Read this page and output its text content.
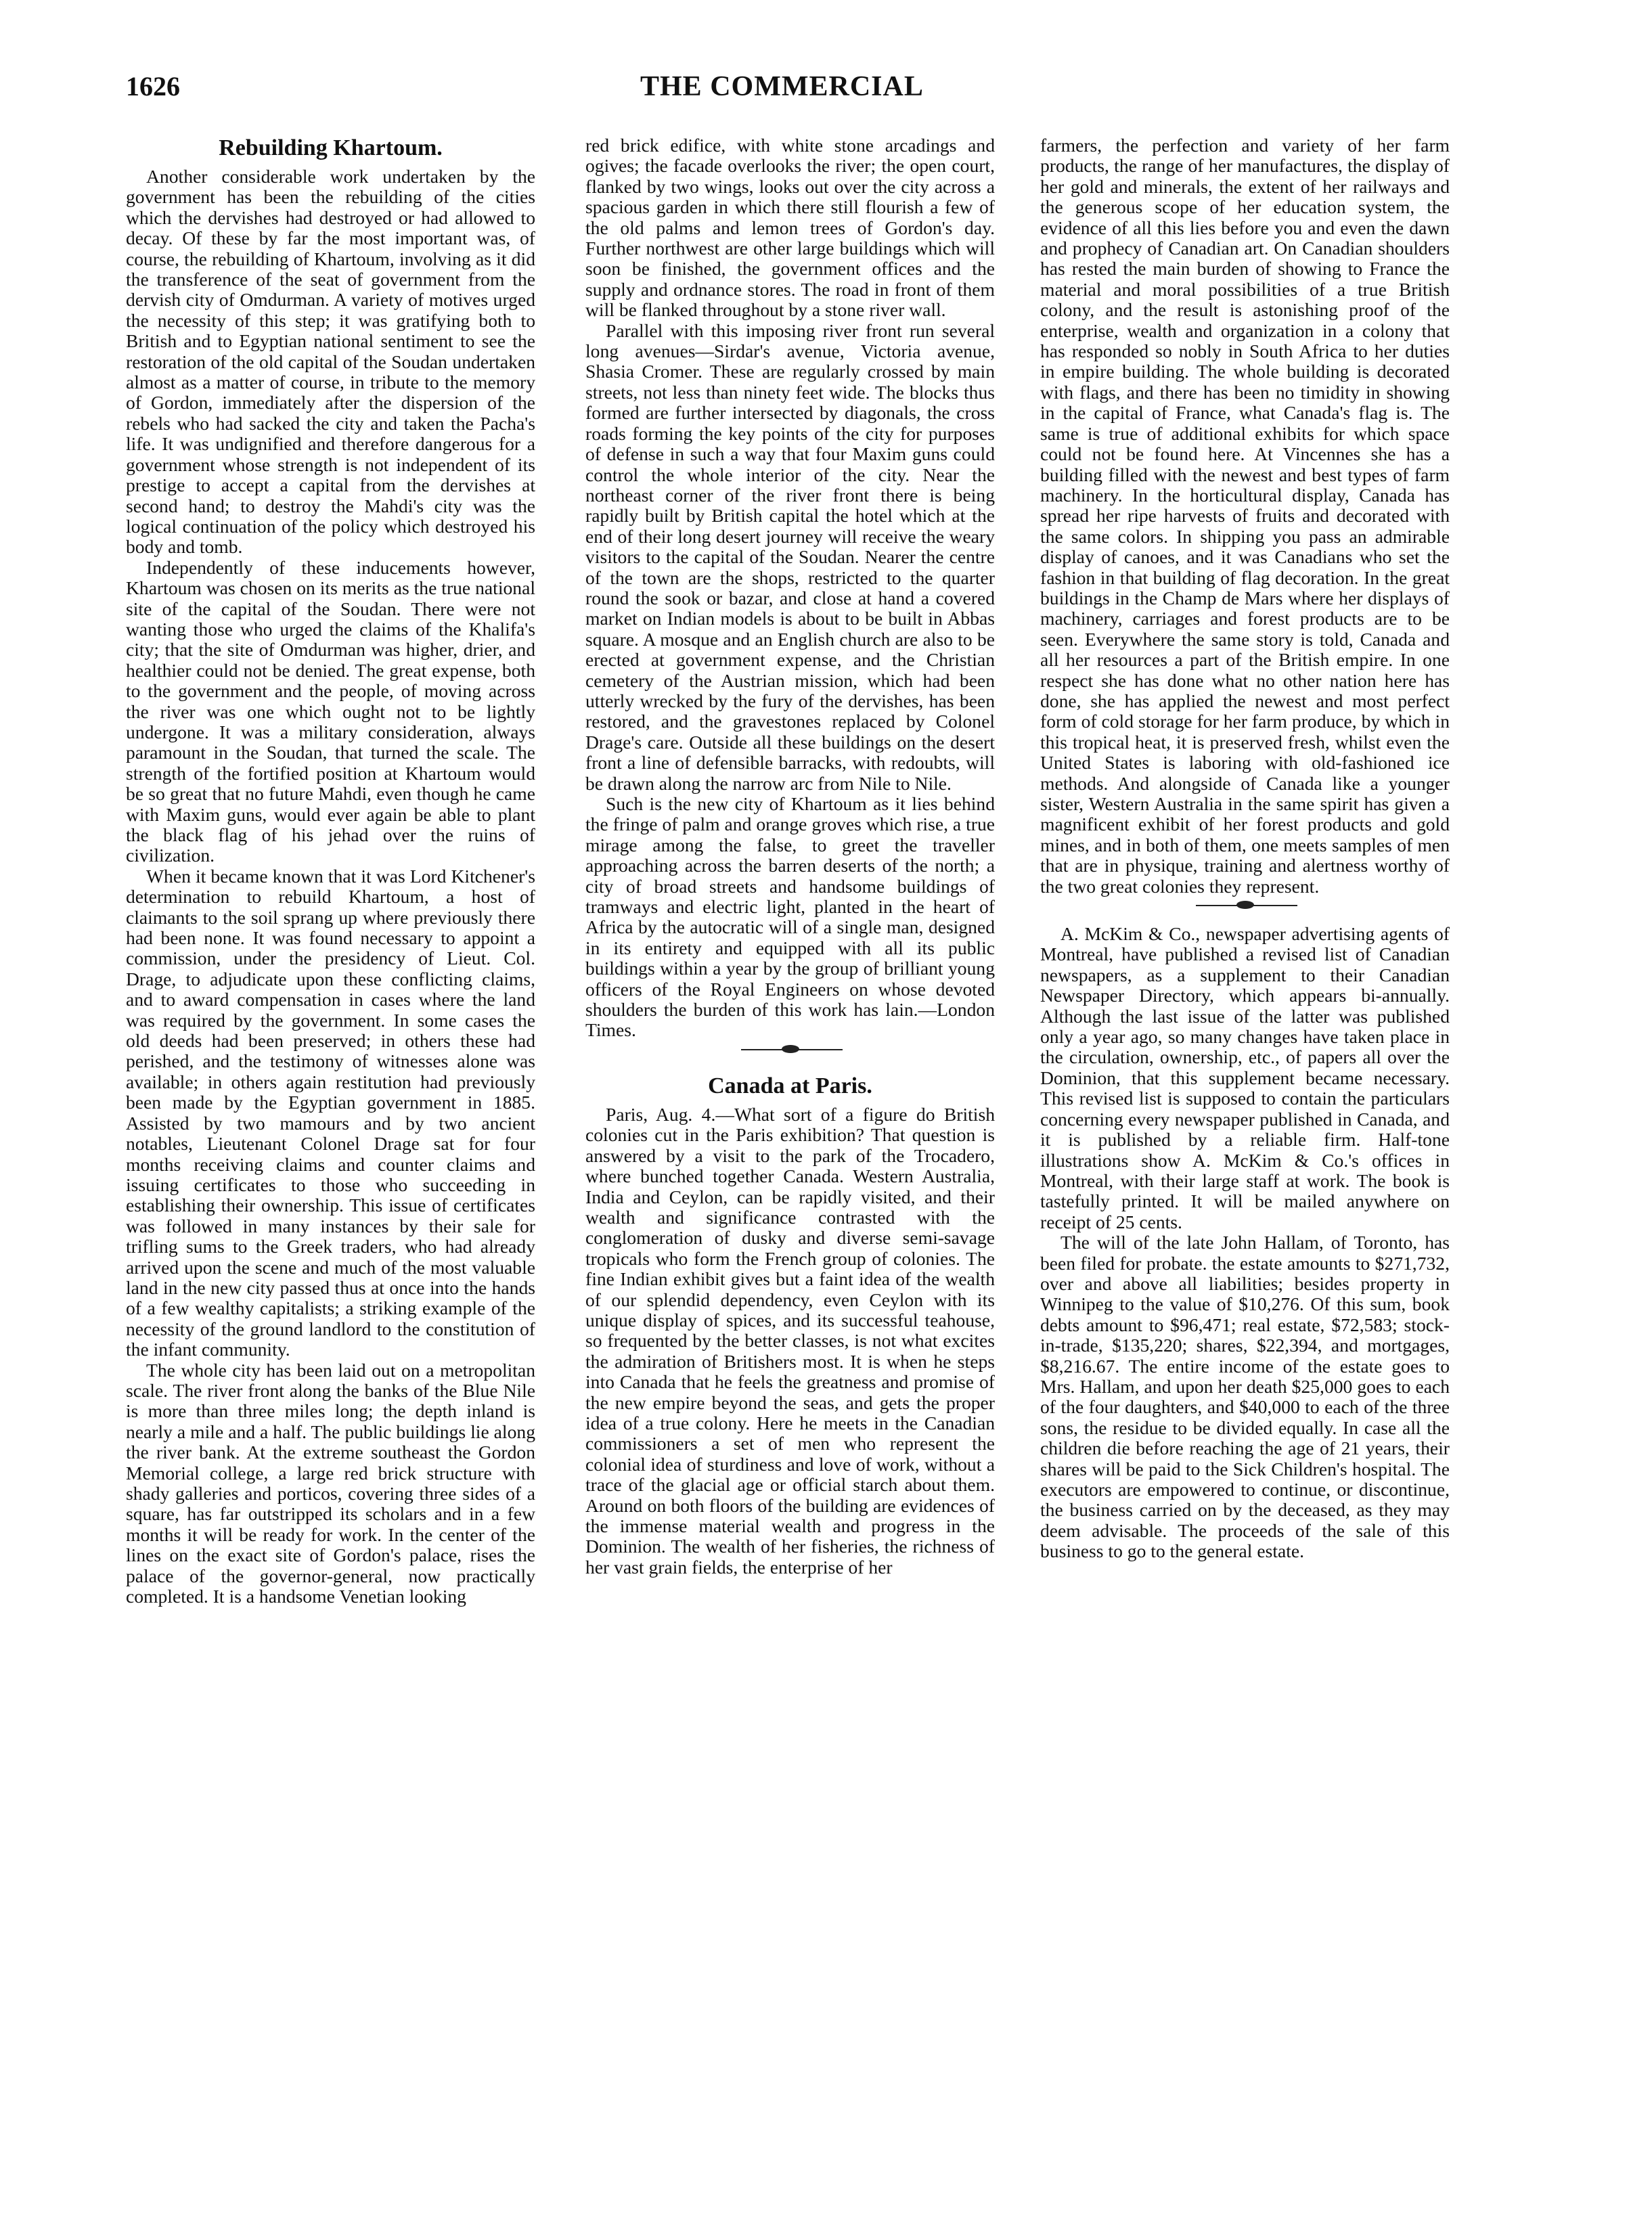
1626	THE COMMERCIAL
Rebuilding Khartoum.

Another considerable work undertaken by the government has been the rebuilding of the cities which the dervishes had destroyed or had allowed to decay. Of these by far the most important was, of course, the rebuilding of Khartoum, involving as it did the transference of the seat of government from the dervish city of Omdurman. A variety of motives urged the necessity of this step; it was gratifying both to British and to Egyptian national sentiment to see the restoration of the old capital of the Soudan undertaken almost as a matter of course, in tribute to the memory of Gordon, immediately after the dispersion of the rebels who had sacked the city and taken the Pacha's life. It was undignified and therefore dangerous for a government whose strength is not independent of its prestige to accept a capital from the dervishes at second hand; to destroy the Mahdi's city was the logical continuation of the policy which destroyed his body and tomb.

Independently of these inducements however, Khartoum was chosen on its merits as the true national site of the capital of the Soudan. There were not wanting those who urged the claims of the Khalifa's city; that the site of Omdurman was higher, drier, and healthier could not be denied. The great expense, both to the government and the people, of moving across the river was one which ought not to be lightly undergone. It was a military consideration, always paramount in the Soudan, that turned the scale. The strength of the fortified position at Khartoum would be so great that no future Mahdi, even though he came with Maxim guns, would ever again be able to plant the black flag of his jehad over the ruins of civilization.

When it became known that it was Lord Kitchener's determination to rebuild Khartoum, a host of claimants to the soil sprang up where previously there had been none. It was found necessary to appoint a commission, under the presidency of Lieut. Col. Drage, to adjudicate upon these conflicting claims, and to award compensation in cases where the land was required by the government. In some cases the old deeds had been preserved; in others these had perished, and the testimony of witnesses alone was available; in others again restitution had previously been made by the Egyptian government in 1885. Assisted by two mamours and by two ancient notables, Lieutenant Colonel Drage sat for four months receiving claims and counter claims and issuing certificates to those who succeeding in establishing their ownership. This issue of certificates was followed in many instances by their sale for trifling sums to the Greek traders, who had already arrived upon the scene and much of the most valuable land in the new city passed thus at once into the hands of a few wealthy capitalists; a striking example of the necessity of the ground landlord to the constitution of the infant community.

The whole city has been laid out on a metropolitan scale. The river front along the banks of the Blue Nile is more than three miles long; the depth inland is nearly a mile and a half. The public buildings lie along the river bank. At the extreme southeast the Gordon Memorial college, a large red brick structure with shady galleries and porticos, covering three sides of a square, has far outstripped its scholars and in a few months it will be ready for work. In the center of the lines on the exact site of Gordon's palace, rises the palace of the governor-general, now practically completed. It is a handsome Venetian looking

red brick edifice, with white stone arcadings and ogives; the facade overlooks the river; the open court, flanked by two wings, looks out over the city across a spacious garden in which there still flourish a few of the old palms and lemon trees of Gordon's day. Further northwest are other large buildings which will soon be finished, the government offices and the supply and ordnance stores. The road in front of them will be flanked throughout by a stone river wall.

Parallel with this imposing river front run several long avenues—Sirdar's avenue, Victoria avenue, Shasia Cromer. These are regularly crossed by main streets, not less than ninety feet wide. The blocks thus formed are further intersected by diagonals, the cross roads forming the key points of the city for purposes of defense in such a way that four Maxim guns could control the whole interior of the city. Near the northeast corner of the river front there is being rapidly built by British capital the hotel which at the end of their long desert journey will receive the weary visitors to the capital of the Soudan. Nearer the centre of the town are the shops, restricted to the quarter round the sook or bazar, and close at hand a covered market on Indian models is about to be built in Abbas square. A mosque and an English church are also to be erected at government expense, and the Christian cemetery of the Austrian mission, which had been utterly wrecked by the fury of the dervishes, has been restored, and the gravestones replaced by Colonel Drage's care. Outside all these buildings on the desert front a line of defensible barracks, with redoubts, will be drawn along the narrow arc from Nile to Nile.

Such is the new city of Khartoum as it lies behind the fringe of palm and orange groves which rise, a true mirage among the false, to greet the traveller approaching across the barren deserts of the north; a city of broad streets and handsome buildings of tramways and electric light, planted in the heart of Africa by the autocratic will of a single man, designed in its entirety and equipped with all its public buildings within a year by the group of brilliant young officers of the Royal Engineers on whose devoted shoulders the burden of this work has lain.—London Times.

Canada at Paris.

Paris, Aug. 4.—What sort of a figure do British colonies cut in the Paris exhibition? That question is answered by a visit to the park of the Trocadero, where bunched together Canada. Western Australia, India and Ceylon, can be rapidly visited, and their wealth and significance contrasted with the conglomeration of dusky and diverse semi-savage tropicals who form the French group of colonies. The fine Indian exhibit gives but a faint idea of the wealth of our splendid dependency, even Ceylon with its unique display of spices, and its successful teahouse, so frequented by the better classes, is not what excites the admiration of Britishers most. It is when he steps into Canada that he feels the greatness and promise of the new empire beyond the seas, and gets the proper idea of a true colony. Here he meets in the Canadian commissioners a set of men who represent the colonial idea of sturdiness and love of work, without a trace of the glacial age or official starch about them. Around on both floors of the building are evidences of the immense material wealth and progress in the Dominion. The wealth of her fisheries, the richness of her vast grain fields, the enterprise of her

farmers, the perfection and variety of her farm products, the range of her manufactures, the display of her gold and minerals, the extent of her railways and the generous scope of her education system, the evidence of all this lies before you and even the dawn and prophecy of Canadian art. On Canadian shoulders has rested the main burden of showing to France the material and moral possibilities of a true British colony, and the result is astonishing proof of the enterprise, wealth and organization in a colony that has responded so nobly in South Africa to her duties in empire building. The whole building is decorated with flags, and there has been no timidity in showing in the capital of France, what Canada's flag is. The same is true of additional exhibits for which space could not be found here. At Vincennes she has a building filled with the newest and best types of farm machinery. In the horticultural display, Canada has spread her ripe harvests of fruits and decorated with the same colors. In shipping you pass an admirable display of canoes, and it was Canadians who set the fashion in that building of flag decoration. In the great buildings in the Champ de Mars where her displays of machinery, carriages and forest products are to be seen. Everywhere the same story is told, Canada and all her resources a part of the British empire. In one respect she has done what no other nation here has done, she has applied the newest and most perfect form of cold storage for her farm produce, by which in this tropical heat, it is preserved fresh, whilst even the United States is laboring with old-fashioned ice methods. And alongside of Canada like a younger sister, Western Australia in the same spirit has given a magnificent exhibit of her forest products and gold mines, and in both of them, one meets samples of men that are in physique, training and alertness worthy of the two great colonies they represent.

A. McKim & Co., newspaper advertising agents of Montreal, have published a revised list of Canadian newspapers, as a supplement to their Canadian Newspaper Directory, which appears bi-annually. Although the last issue of the latter was published only a year ago, so many changes have taken place in the circulation, ownership, etc., of papers all over the Dominion, that this supplement became necessary. This revised list is supposed to contain the particulars concerning every newspaper published in Canada, and it is published by a reliable firm. Half-tone illustrations show A. McKim & Co.'s offices in Montreal, with their large staff at work. The book is tastefully printed. It will be mailed anywhere on receipt of 25 cents.

The will of the late John Hallam, of Toronto, has been filed for probate. the estate amounts to $271,732, over and above all liabilities; besides property in Winnipeg to the value of $10,276. Of this sum, book debts amount to $96,471; real estate, $72,583; stock-in-trade, $135,220; shares, $22,394, and mortgages, $8,216.67. The entire income of the estate goes to Mrs. Hallam, and upon her death $25,000 goes to each of the four daughters, and $40,000 to each of the three sons, the residue to be divided equally. In case all the children die before reaching the age of 21 years, their shares will be paid to the Sick Children's hospital. The executors are empowered to continue, or discontinue, the business carried on by the deceased, as they may deem advisable. The proceeds of the sale of this business to go to the general estate.
